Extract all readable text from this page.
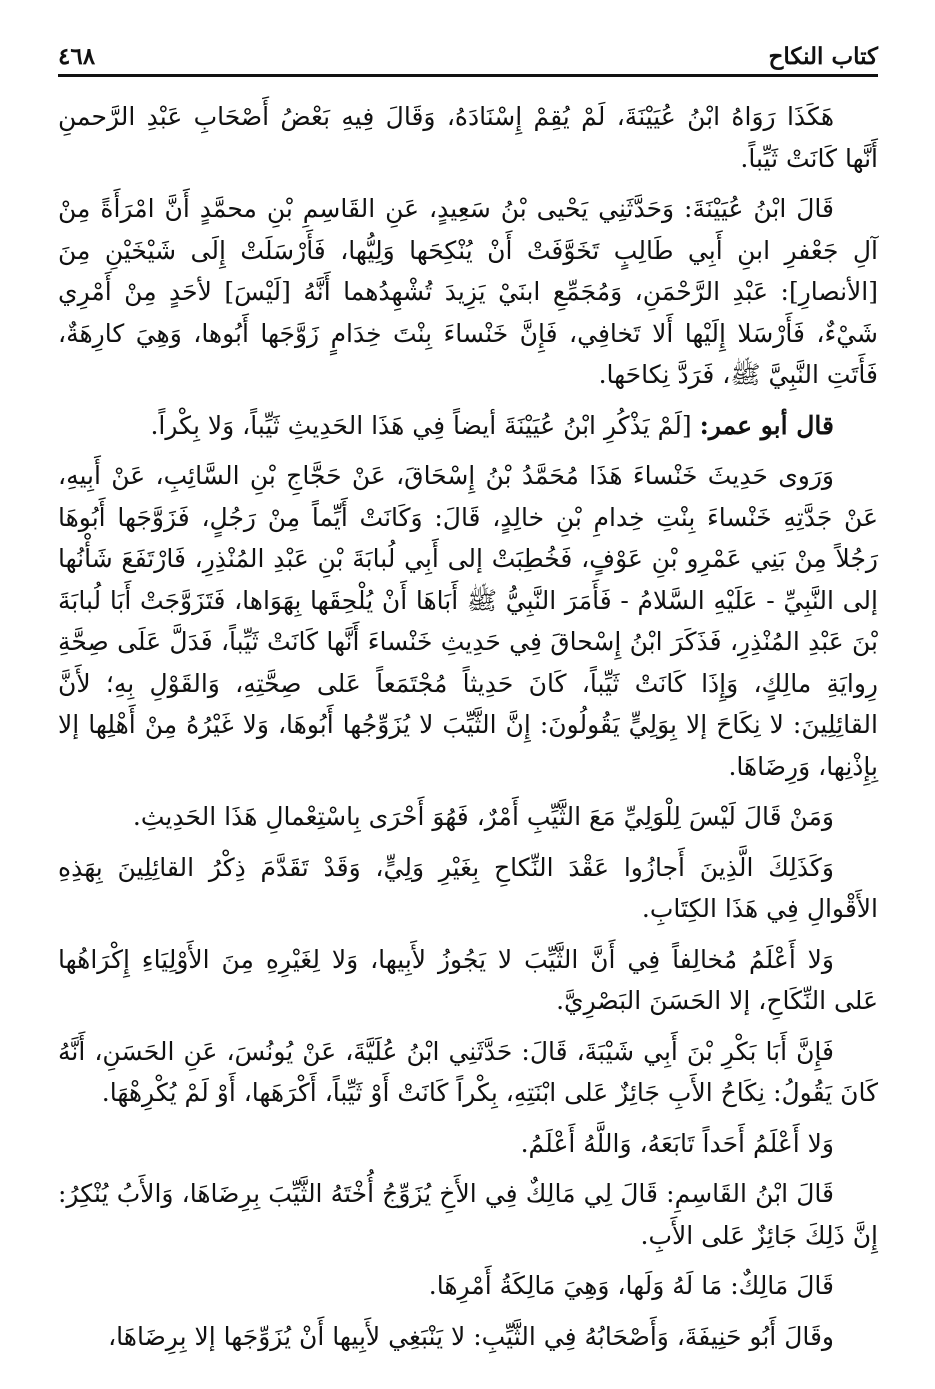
كتاب النكاح
٤٦٨

هَكَذَا رَوَاهُ ابْنُ عُيَيْنَةَ، لَمْ يُقِمْ إِسْنَادَهُ، وَقَالَ فِيهِ بَعْضُ أَصْحَابِ عَبْدِ الرَّحمنِ أَنَّها كَانَتْ ثَيِّباً.

قَالَ ابْنُ عُيَيْنَةَ: وَحَدَّثَنِي يَحْيى بْنُ سَعِيدٍ، عَنِ القَاسِمِ بْنِ محمَّدٍ أَنَّ امْرَأَةً مِنْ آلِ جَعْفرِ ابنِ أَبِي طَالِبٍ تَخَوَّفَتْ أَنْ يُنْكِحَها وَلِيُّها، فَأَرْسَلَتْ إِلَى شَيْخَيْنِ مِنَ [الأنصارِ]: عَبْدِ الرَّحْمَنِ، وَمُجَمِّعِ ابنَيْ يَزِيدَ تُشْهِدُهما أَنَّهُ [لَيْسَ] لأحَدٍ مِنْ أَمْرِي شَيْءٌ، فَأَرْسَلا إِلَيْها أَلا تَخافِي، فَإِنَّ خَنْساءَ بِنْتَ خِدَامٍ زَوَّجَها أَبُوها، وَهِيَ كارِهَةٌ، فَأَتَتِ النَّبِيَّ ﷺ، فَرَدَّ نِكاحَها.

قال أبو عمر: [لَمْ يَذْكُرِ ابْنُ عُيَيْنَةَ أيضاً فِي هَذَا الحَدِيثِ ثَيِّباً، وَلا بِكْراً.

وَرَوى حَدِيثَ خَنْساءَ هَذَا مُحَمَّدُ بْنُ إِسْحَاقَ، عَنْ حَجَّاجِ بْنِ السَّائِبِ، عَنْ أَبِيهِ، عَنْ جَدَّتِهِ خَنْساءَ بِنْتِ خِدامِ بْنِ خالِدٍ، قَالَ: وَكَانَتْ أَيِّماً مِنْ رَجُلٍ، فَزَوَّجَها أَبُوهَا رَجُلاً مِنْ بَنِي عَمْرِو بْنِ عَوْفٍ، فَخُطِبَتْ إلى أَبِي لُبابَةَ بْنِ عَبْدِ المُنْذِرِ، فَارْتَفَعَ شَأْنُها إلى النَّبِيِّ - عَلَيْهِ السَّلامُ - فَأَمَرَ النَّبِيُّ ﷺ أَبَاهَا أَنْ يُلْحِقَها بِهَوَاها، فَتَزَوَّجَتْ أَبَا لُبابَةَ بْنَ عَبْدِ المُنْذِرِ، فَذَكَرَ ابْنُ إِسْحاقَ فِي حَدِيثِ خَنْساءَ أَنَّها كَانَتْ ثَيِّباً، فَدَلَّ عَلَى صِحَّةِ رِوايَةِ مالِكٍ، وَإِذَا كَانَتْ ثَيِّباً، كَانَ حَدِيثاً مُجْتَمَعاً عَلى صِحَّتِهِ، وَالقَوْلِ بِهِ؛ لأَنَّ القائِلِينَ: لا نِكَاحَ إلا بِوَلِيٍّ يَقُولُونَ: إِنَّ الثَّيِّبَ لا يُزَوِّجُها أَبُوهَا، وَلا غَيْرُهُ مِنْ أَهْلِها إلا بِإِذْنِها، وَرِضَاهَا.

وَمَنْ قَالَ لَيْسَ لِلْوَلِيِّ مَعَ الثَّيِّبِ أَمْرٌ، فَهُوَ أَحْرَى بِاسْتِعْمالِ هَذَا الحَدِيثِ.

وَكَذَلِكَ الَّذِينَ أَجازُوا عَقْدَ النِّكاحِ بِغَيْرِ وَلِيٍّ، وَقَدْ تَقَدَّمَ ذِكْرُ القائِلِينَ بِهَذِهِ الأَقْوالِ فِي هَذَا الكِتَابِ.

وَلا أَعْلَمُ مُخالِفاً فِي أَنَّ الثَّيِّبَ لا يَجُوزُ لأَبِيها، وَلا لِغَيْرِهِ مِنَ الأَوْلِيَاءِ إِكْرَاهُها عَلى النِّكَاحِ، إلا الحَسَنَ البَصْرِيَّ.

فَإِنَّ أَبَا بَكْرِ بْنَ أَبِي شَيْبَةَ، قَالَ: حَدَّثَنِي ابْنُ عُلَيَّةَ، عَنْ يُونُسَ، عَنِ الحَسَنِ، أَنَّهُ كَانَ يَقُولُ: نِكَاحُ الأَبِ جَائِزٌ عَلى ابْنَتِهِ، بِكْراً كَانَتْ أَوْ ثَيِّباً، أَكْرَهَها، أَوْ لَمْ يُكْرِهْهَا.

وَلا أَعْلَمُ أَحَداً تَابَعَهُ، وَاللَّهُ أَعْلَمُ.

قَالَ ابْنُ القَاسِمِ: قَالَ لِي مَالِكٌ فِي الأَخِ يُزَوِّجُ أُخْتَهُ الثَّيِّبَ بِرِضَاهَا، وَالأَبُ يُنْكِرُ: إِنَّ ذَلِكَ جَائِزٌ عَلى الأَبِ.

قَالَ مَالِكٌ: مَا لَهُ وَلَها، وَهِيَ مَالِكَةُ أَمْرِهَا.

وقَالَ أَبُو حَنِيفَةَ، وَأَصْحَابُهُ فِي الثَّيِّبِ: لا يَنْبَغِي لأَبِيها أَنْ يُزَوِّجَها إلا بِرِضَاهَا،
